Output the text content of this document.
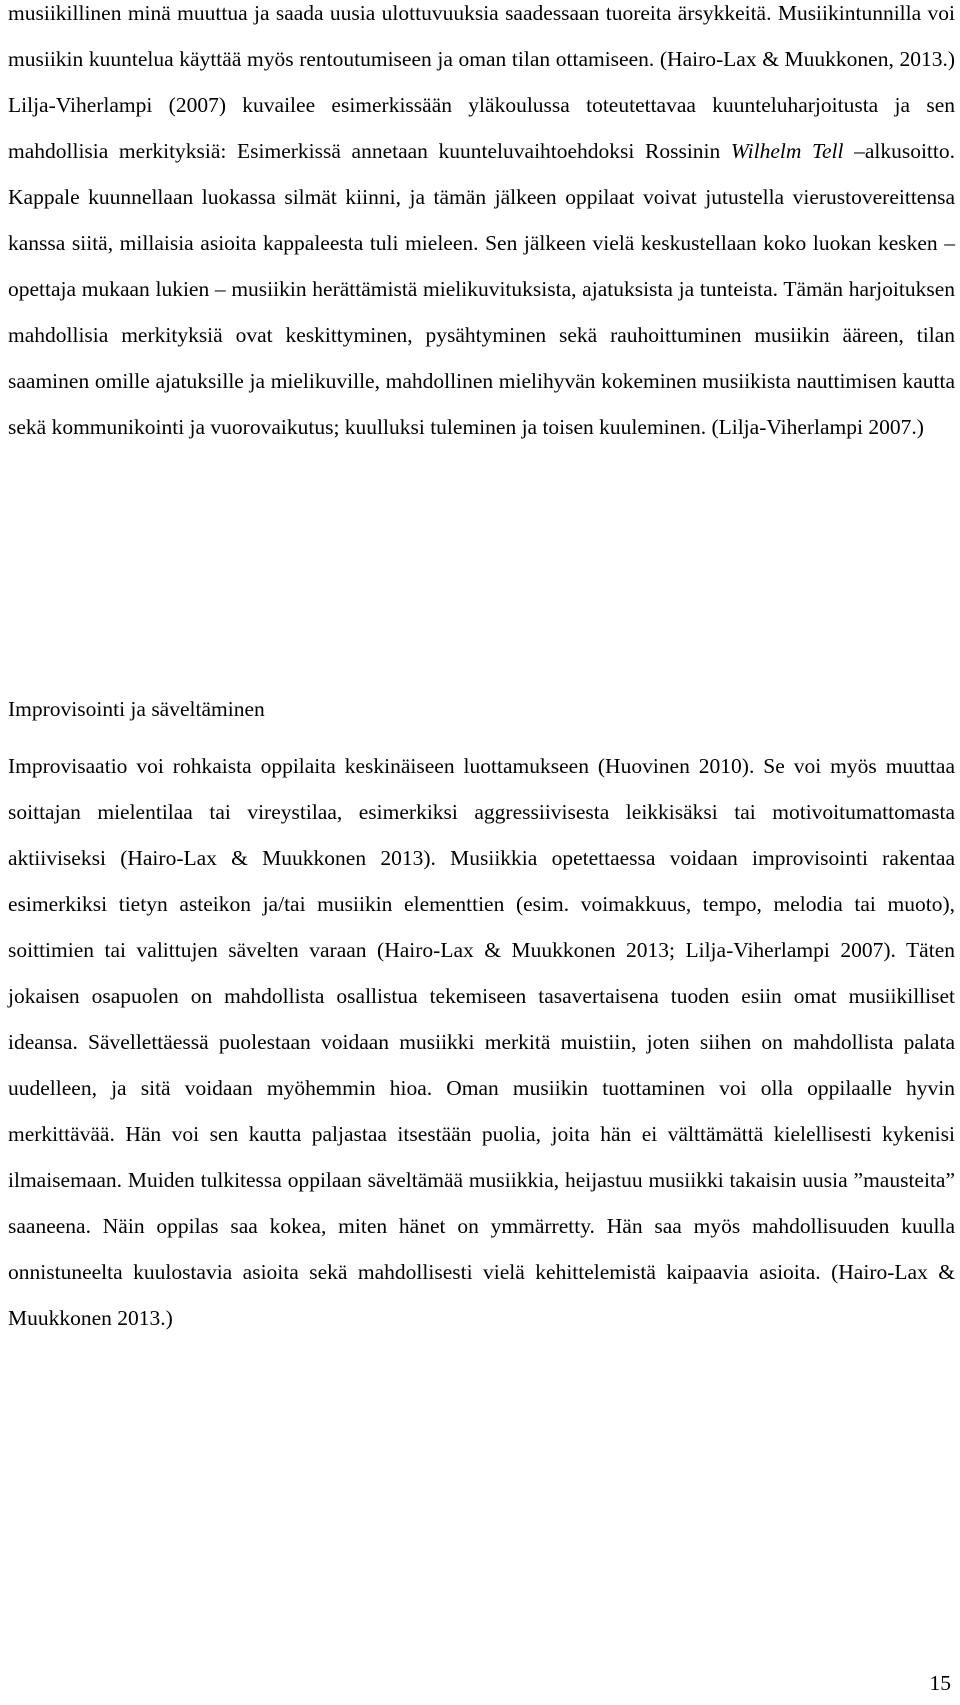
musiikillinen minä muuttua ja saada uusia ulottuvuuksia saadessaan tuoreita ärsykkeitä. Musiikintunnilla voi musiikin kuuntelua käyttää myös rentoutumiseen ja oman tilan ottamiseen. (Hairo-Lax & Muukkonen, 2013.) Lilja-Viherlampi (2007) kuvailee esimerkissään yläkoulussa toteutettavaa kuunteluharjoitusta ja sen mahdollisia merkityksiä: Esimerkissä annetaan kuunteluvaihtoehdoksi Rossinin Wilhelm Tell –alkusoitto. Kappale kuunnellaan luokassa silmät kiinni, ja tämän jälkeen oppilaat voivat jutustella vierustovereittensa kanssa siitä, millaisia asioita kappaleesta tuli mieleen. Sen jälkeen vielä keskustellaan koko luokan kesken – opettaja mukaan lukien – musiikin herättämistä mielikuvituksista, ajatuksista ja tunteista. Tämän harjoituksen mahdollisia merkityksiä ovat keskittyminen, pysähtyminen sekä rauhoittuminen musiikin ääreen, tilan saaminen omille ajatuksille ja mielikuville, mahdollinen mielihyvän kokeminen musiikista nauttimisen kautta sekä kommunikointi ja vuorovaikutus; kuulluksi tuleminen ja toisen kuuleminen. (Lilja-Viherlampi 2007.)

Improvisointi ja säveltäminen

Improvisaatio voi rohkaista oppilaita keskinäiseen luottamukseen (Huovinen 2010). Se voi myös muuttaa soittajan mielentilaa tai vireystilaa, esimerkiksi aggressiivisesta leikkisäksi tai motivoitumattomasta aktiiviseksi (Hairo-Lax & Muukkonen 2013). Musiikkia opetettaessa voidaan improvisointi rakentaa esimerkiksi tietyn asteikon ja/tai musiikin elementtien (esim. voimakkuus, tempo, melodia tai muoto), soittimien tai valittujen sävelten varaan (Hairo-Lax & Muukkonen 2013; Lilja-Viherlampi 2007). Täten jokaisen osapuolen on mahdollista osallistua tekemiseen tasavertaisena tuoden esiin omat musiikilliset ideansa. Sävellettäessä puolestaan voidaan musiikki merkitä muistiin, joten siihen on mahdollista palata uudelleen, ja sitä voidaan myöhemmin hioa. Oman musiikin tuottaminen voi olla oppilaalle hyvin merkittävää. Hän voi sen kautta paljastaa itsestään puolia, joita hän ei välttämättä kielellisesti kykenisi ilmaisemaan. Muiden tulkitessa oppilaan säveltämää musiikkia, heijastuu musiikki takaisin uusia ”mausteita” saaneena. Näin oppilas saa kokea, miten hänet on ymmärretty. Hän saa myös mahdollisuuden kuulla onnistuneelta kuulostavia asioita sekä mahdollisesti vielä kehittelemistä kaipaavia asioita. (Hairo-Lax & Muukkonen 2013.)

15
